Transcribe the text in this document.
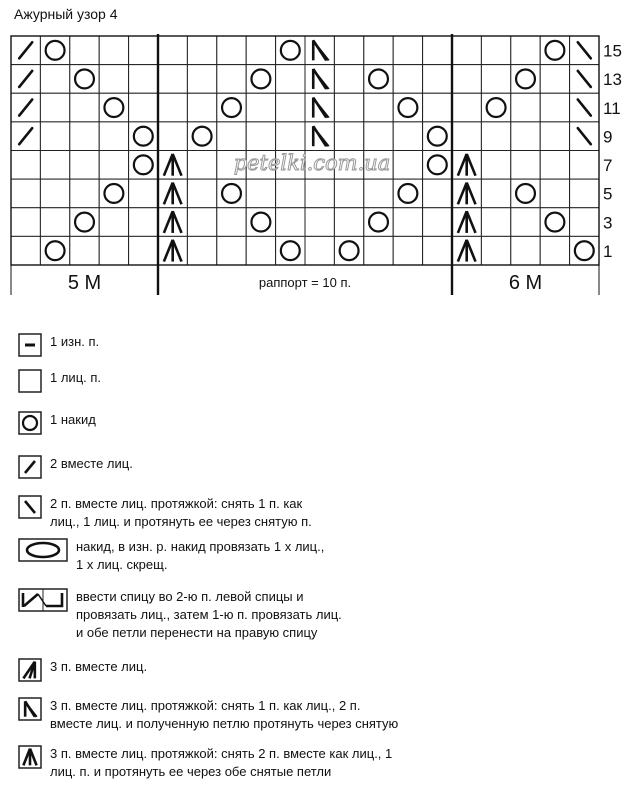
Ажурный узор 4
15
13
11
9
7
5
3
1
5 М	раппорт = 10 п.	6 М
petelki.com.ua
1 изн. п.
1 лиц. п.
1 накид
2 вместе лиц.
2 п. вместе лиц. протяжкой: снять 1 п. как
лиц., 1 лиц. и протянуть ее через снятую п.
накид, в изн. р. накид провязать 1 х лиц.,
1 х лиц. скрещ.
ввести спицу во 2-ю п. левой спицы и
провязать лиц., затем 1-ю п. провязать лиц.
и обе петли перенести на правую спицу
3 п. вместе лиц.
3 п. вместе лиц. протяжкой: снять 1 п. как лиц., 2 п.
вместе лиц. и полученную петлю протянуть через снятую
3 п. вместе лиц. протяжкой: снять 2 п. вместе как лиц., 1
лиц. п. и протянуть ее через обе снятые петли
